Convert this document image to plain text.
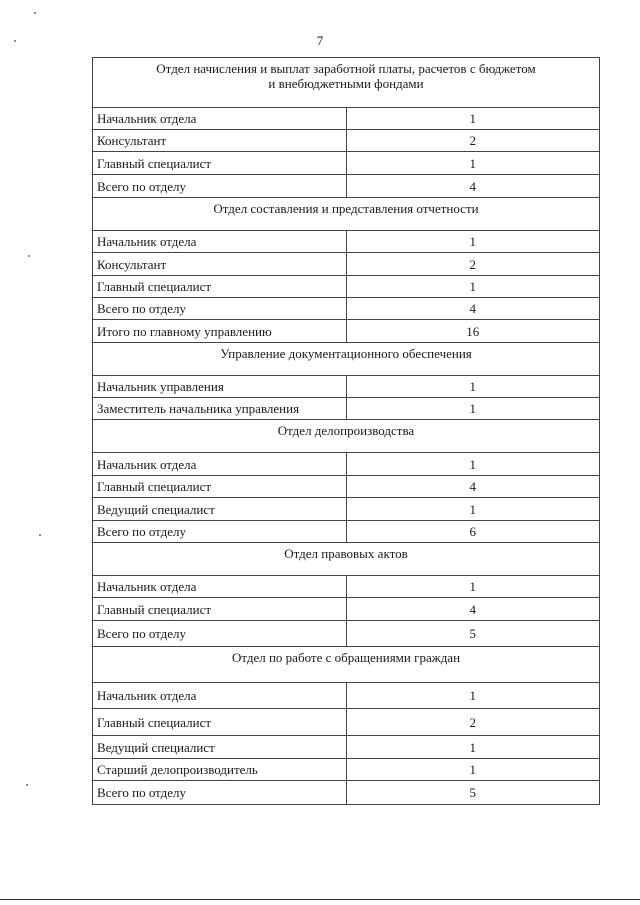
7
Отдел начисления и выплат заработной платы, расчетов с бюджетом
и внебюджетными фондами	
Начальник отдела	1
Консультант	2
Главный специалист	1
Всего по отделу	4
Отдел составления и представления отчетности	
Начальник отдела	1
Консультант	2
Главный специалист	1
Всего по отделу	4
Итого по главному управлению	16
Управление документационного обеспечения	
Начальник управления	1
Заместитель начальника управления	1
Отдел делопроизводства	
Начальник отдела	1
Главный специалист	4
Ведущий специалист	1
Всего по отделу	6
Отдел правовых актов	
Начальник отдела	1
Главный специалист	4
Всего по отделу	5
Отдел по работе с обращениями граждан	
Начальник отдела	1
Главный специалист	2
Ведущий специалист	1
Старший делопроизводитель	1
Всего по отделу	5
